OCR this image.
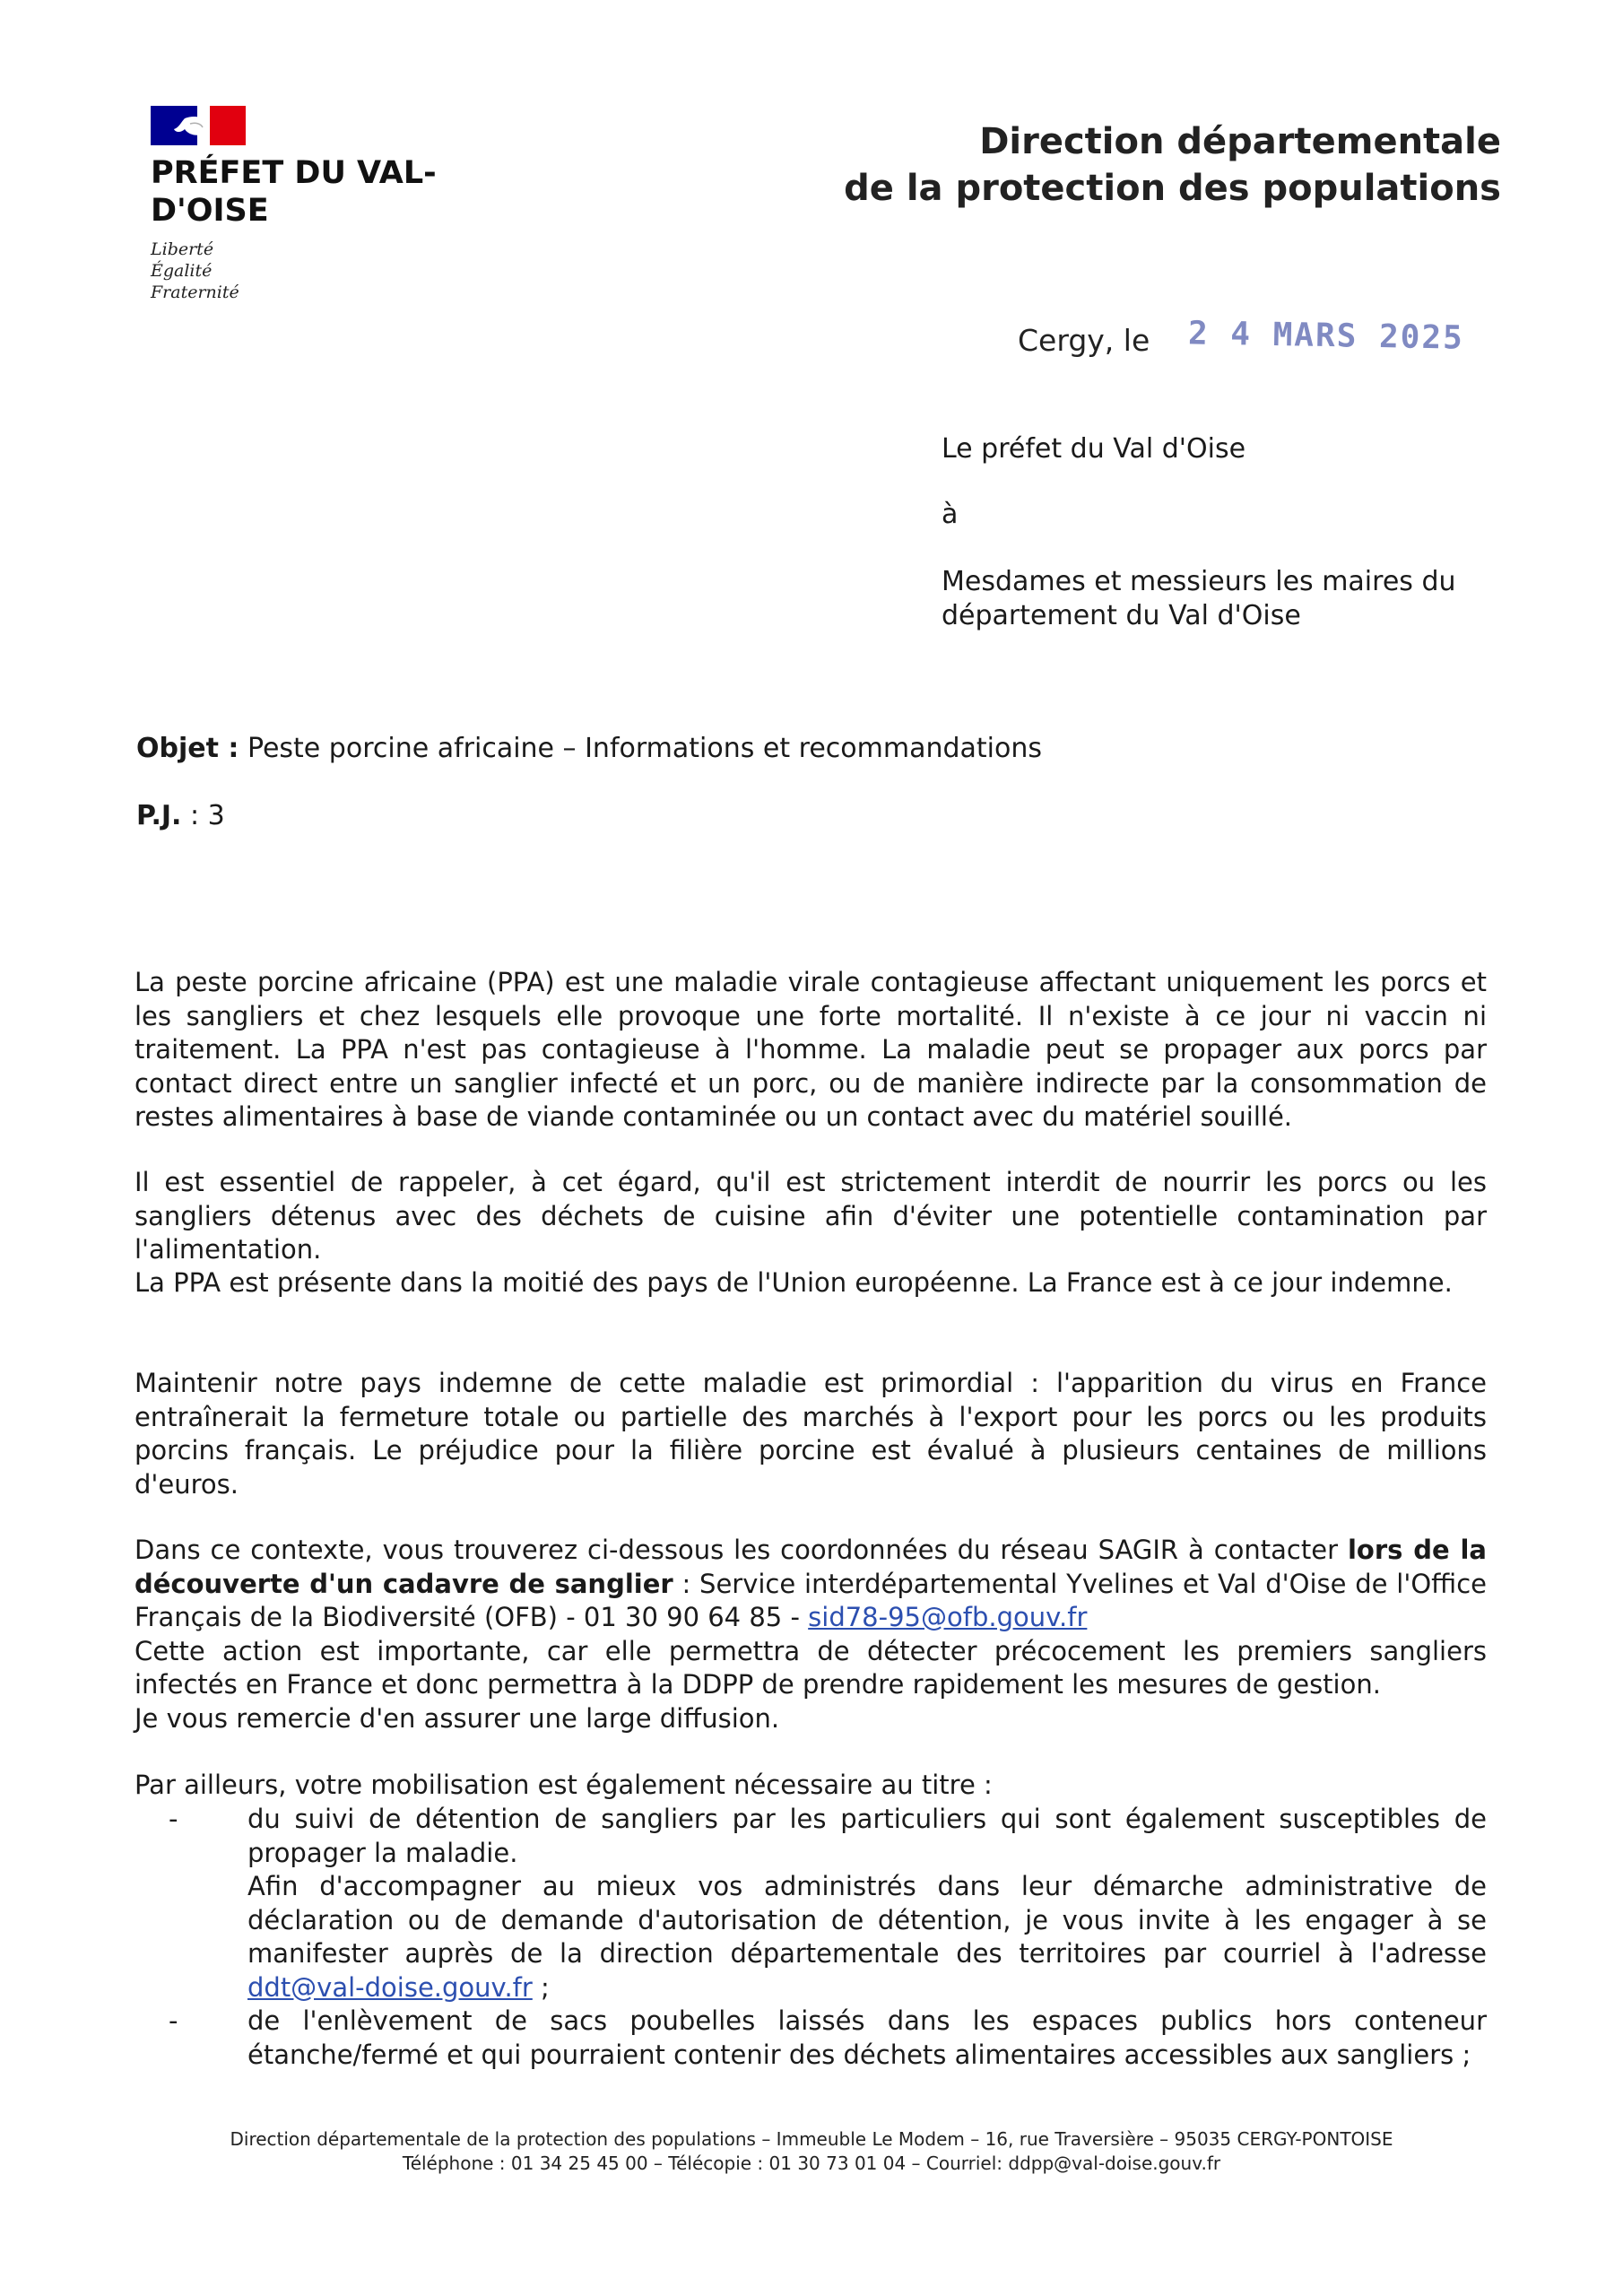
PRÉFET DU VAL-D'OISE
Liberté
Égalité
Fraternité
Direction départementale
de la protection des populations
Cergy, le 2 4 MARS 2025
Le préfet du Val d'Oise
à
Mesdames et messieurs les maires du département du Val d'Oise
Objet : Peste porcine africaine – Informations et recommandations
P.J. : 3
La peste porcine africaine (PPA) est une maladie virale contagieuse affectant uniquement les porcs et les sangliers et chez lesquels elle provoque une forte mortalité. Il n'existe à ce jour ni vaccin ni traitement. La PPA n'est pas contagieuse à l'homme. La maladie peut se propager aux porcs par contact direct entre un sanglier infecté et un porc, ou de manière indirecte par la consommation de restes alimentaires à base de viande contaminée ou un contact avec du matériel souillé.
Il est essentiel de rappeler, à cet égard, qu'il est strictement interdit de nourrir les porcs ou les sangliers détenus avec des déchets de cuisine afin d'éviter une potentielle contamination par l'alimentation.
La PPA est présente dans la moitié des pays de l'Union européenne. La France est à ce jour indemne.
Maintenir notre pays indemne de cette maladie est primordial : l'apparition du virus en France entraînerait la fermeture totale ou partielle des marchés à l'export pour les porcs ou les produits porcins français. Le préjudice pour la filière porcine est évalué à plusieurs centaines de millions d'euros.
Dans ce contexte, vous trouverez ci-dessous les coordonnées du réseau SAGIR à contacter lors de la découverte d'un cadavre de sanglier : Service interdépartemental Yvelines et Val d'Oise de l'Office Français de la Biodiversité (OFB) - 01 30 90 64 85 - sid78-95@ofb.gouv.fr
Cette action est importante, car elle permettra de détecter précocement les premiers sangliers infectés en France et donc permettra à la DDPP de prendre rapidement les mesures de gestion.
Je vous remercie d'en assurer une large diffusion.
Par ailleurs, votre mobilisation est également nécessaire au titre :
-	du suivi de détention de sangliers par les particuliers qui sont également susceptibles de propager la maladie.
Afin d'accompagner au mieux vos administrés dans leur démarche administrative de déclaration ou de demande d'autorisation de détention, je vous invite à les engager à se manifester auprès de la direction départementale des territoires par courriel à l'adresse ddt@val-doise.gouv.fr ;
-	de l'enlèvement de sacs poubelles laissés dans les espaces publics hors conteneur étanche/fermé et qui pourraient contenir des déchets alimentaires accessibles aux sangliers ;
Direction départementale de la protection des populations – Immeuble Le Modem – 16, rue Traversière – 95035 CERGY-PONTOISE
Téléphone : 01 34 25 45 00 – Télécopie : 01 30 73 01 04 – Courriel: ddpp@val-doise.gouv.fr
